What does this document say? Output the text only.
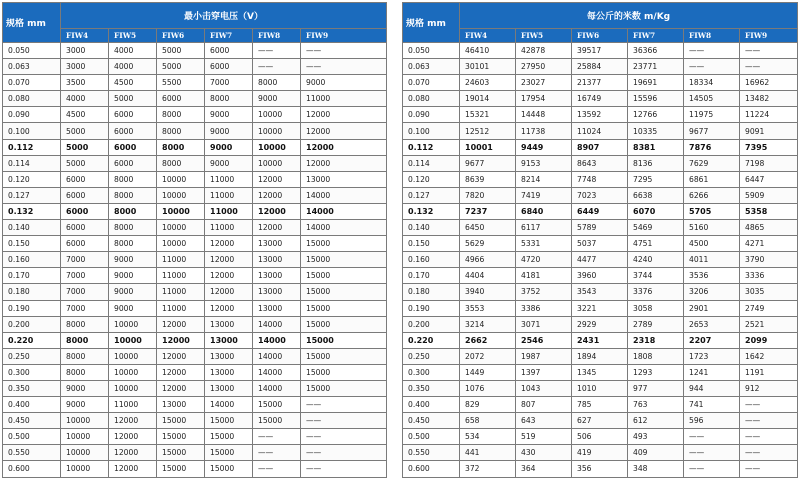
规格 mm	最小击穿电压（V）					
	FIW4	FIW5	FIW6	FIW7	FIW8	FIW9
0.050	3000	4000	5000	6000	——	——
0.063	3000	4000	5000	6000	——	——
0.070	3500	4500	5500	7000	8000	9000
0.080	4000	5000	6000	8000	9000	11000
0.090	4500	6000	8000	9000	10000	12000
0.100	5000	6000	8000	9000	10000	12000
0.112	5000	6000	8000	9000	10000	12000
0.114	5000	6000	8000	9000	10000	12000
0.120	6000	8000	10000	11000	12000	13000
0.127	6000	8000	10000	11000	12000	14000
0.132	6000	8000	10000	11000	12000	14000
0.140	6000	8000	10000	11000	12000	14000
0.150	6000	8000	10000	12000	13000	15000
0.160	7000	9000	11000	12000	13000	15000
0.170	7000	9000	11000	12000	13000	15000
0.180	7000	9000	11000	12000	13000	15000
0.190	7000	9000	11000	12000	13000	15000
0.200	8000	10000	12000	13000	14000	15000
0.220	8000	10000	12000	13000	14000	15000
0.250	8000	10000	12000	13000	14000	15000
0.300	8000	10000	12000	13000	14000	15000
0.350	9000	10000	12000	13000	14000	15000
0.400	9000	11000	13000	14000	15000	——
0.450	10000	12000	15000	15000	15000	——
0.500	10000	12000	15000	15000	——	——
0.550	10000	12000	15000	15000	——	——
0.600	10000	12000	15000	15000	——	——
规格 mm	每公斤的米数 m/Kg					
	FIW4	FIW5	FIW6	FIW7	FIW8	FIW9
0.050	46410	42878	39517	36366	——	——
0.063	30101	27950	25884	23771	——	——
0.070	24603	23027	21377	19691	18334	16962
0.080	19014	17954	16749	15596	14505	13482
0.090	15321	14448	13592	12766	11975	11224
0.100	12512	11738	11024	10335	9677	9091
0.112	10001	9449	8907	8381	7876	7395
0.114	9677	9153	8643	8136	7629	7198
0.120	8639	8214	7748	7295	6861	6447
0.127	7820	7419	7023	6638	6266	5909
0.132	7237	6840	6449	6070	5705	5358
0.140	6450	6117	5789	5469	5160	4865
0.150	5629	5331	5037	4751	4500	4271
0.160	4966	4720	4477	4240	4011	3790
0.170	4404	4181	3960	3744	3536	3336
0.180	3940	3752	3543	3376	3206	3035
0.190	3553	3386	3221	3058	2901	2749
0.200	3214	3071	2929	2789	2653	2521
0.220	2662	2546	2431	2318	2207	2099
0.250	2072	1987	1894	1808	1723	1642
0.300	1449	1397	1345	1293	1241	1191
0.350	1076	1043	1010	977	944	912
0.400	829	807	785	763	741	——
0.450	658	643	627	612	596	——
0.500	534	519	506	493	——	——
0.550	441	430	419	409	——	——
0.600	372	364	356	348	——	——
